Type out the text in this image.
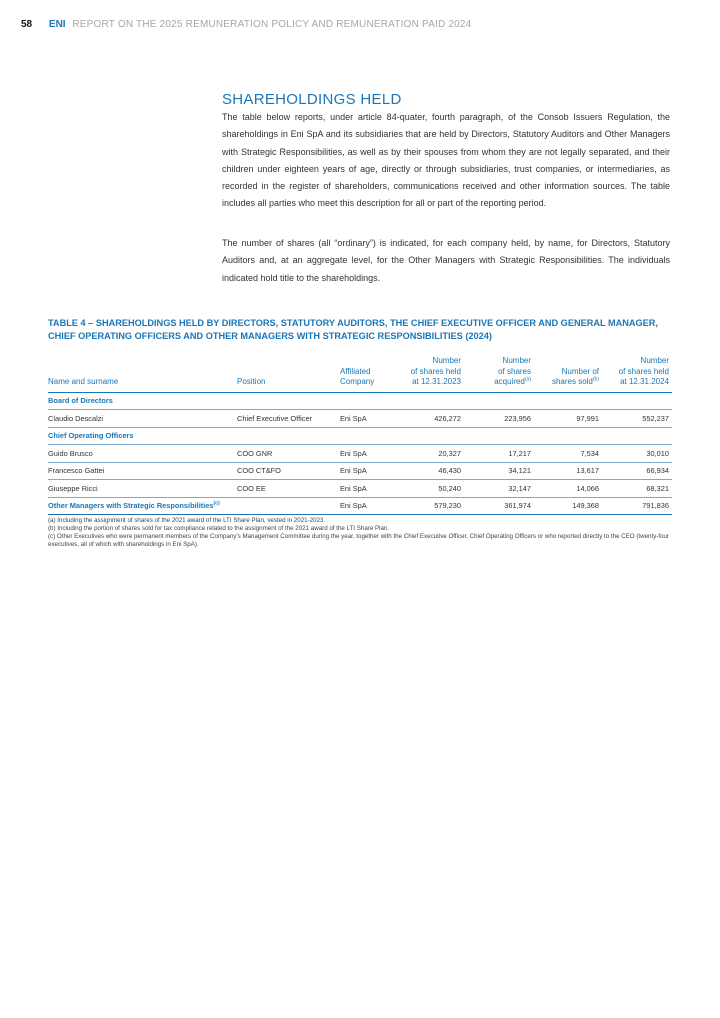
58 ENI REPORT ON THE 2025 REMUNERATION POLICY AND REMUNERATION PAID 2024
SHAREHOLDINGS HELD

The table below reports, under article 84-quater, fourth paragraph, of the Consob Issuers Regulation, the shareholdings in Eni SpA and its subsidiaries that are held by Directors, Statutory Auditors and Other Managers with Strategic Responsibilities, as well as by their spouses from whom they are not legally separated, and their children under eighteen years of age, directly or through subsidiaries, trust companies, or intermediaries, as recorded in the register of shareholders, communications received and other information sources. The table includes all parties who meet this description for all or part of the reporting period.

The number of shares (all “ordinary”) is indicated, for each company held, by name, for Directors, Statutory Auditors and, at an aggregate level, for the Other Managers with Strategic Responsibilities. The individuals indicated hold title to the shareholdings.

TABLE 4 – SHAREHOLDINGS HELD BY DIRECTORS, STATUTORY AUDITORS, THE CHIEF EXECUTIVE OFFICER AND GENERAL MANAGER, CHIEF OPERATING OFFICERS AND OTHER MANAGERS WITH STRATEGIC RESPONSIBILITIES (2024)

Name and surname	Position	Affiliated
Company	Number
of shares held
at 12.31.2023	Number
of shares
acquired$^{(a)}$	Number of
shares sold$^{(b)}$	Number
of shares held
at 12.31.2024
Board of Directors						
Claudio Descalzi	Chief Executive Officer	Eni SpA	426,272	223,956	97,991	552,237
Chief Operating Officers						
Guido Brusco	COO GNR	Eni SpA	20,327	17,217	7,534	30,010
Francesco Gattei	COO CT&FO	Eni SpA	46,430	34,121	13,617	66,934
Giuseppe Ricci	COO EE	Eni SpA	50,240	32,147	14,066	68,321
Other Managers with Strategic Responsibilities$^{(c)}$		Eni SpA	579,230	361,974	149,368	791,836

(a) Including the assignment of shares of the 2021 award of the LTI Share Plan, vested in 2021-2023.

(b) Including the portion of shares sold for tax compliance related to the assignment of the 2021 award of the LTI Share Plan.

(c) Other Executives who were permanent members of the Company's Management Committee during the year, together with the Chief Executive Officer, Chief Operating Officers or who reported directly to the CEO (twenty-four executives, all of which with shareholdings in Eni SpA).
